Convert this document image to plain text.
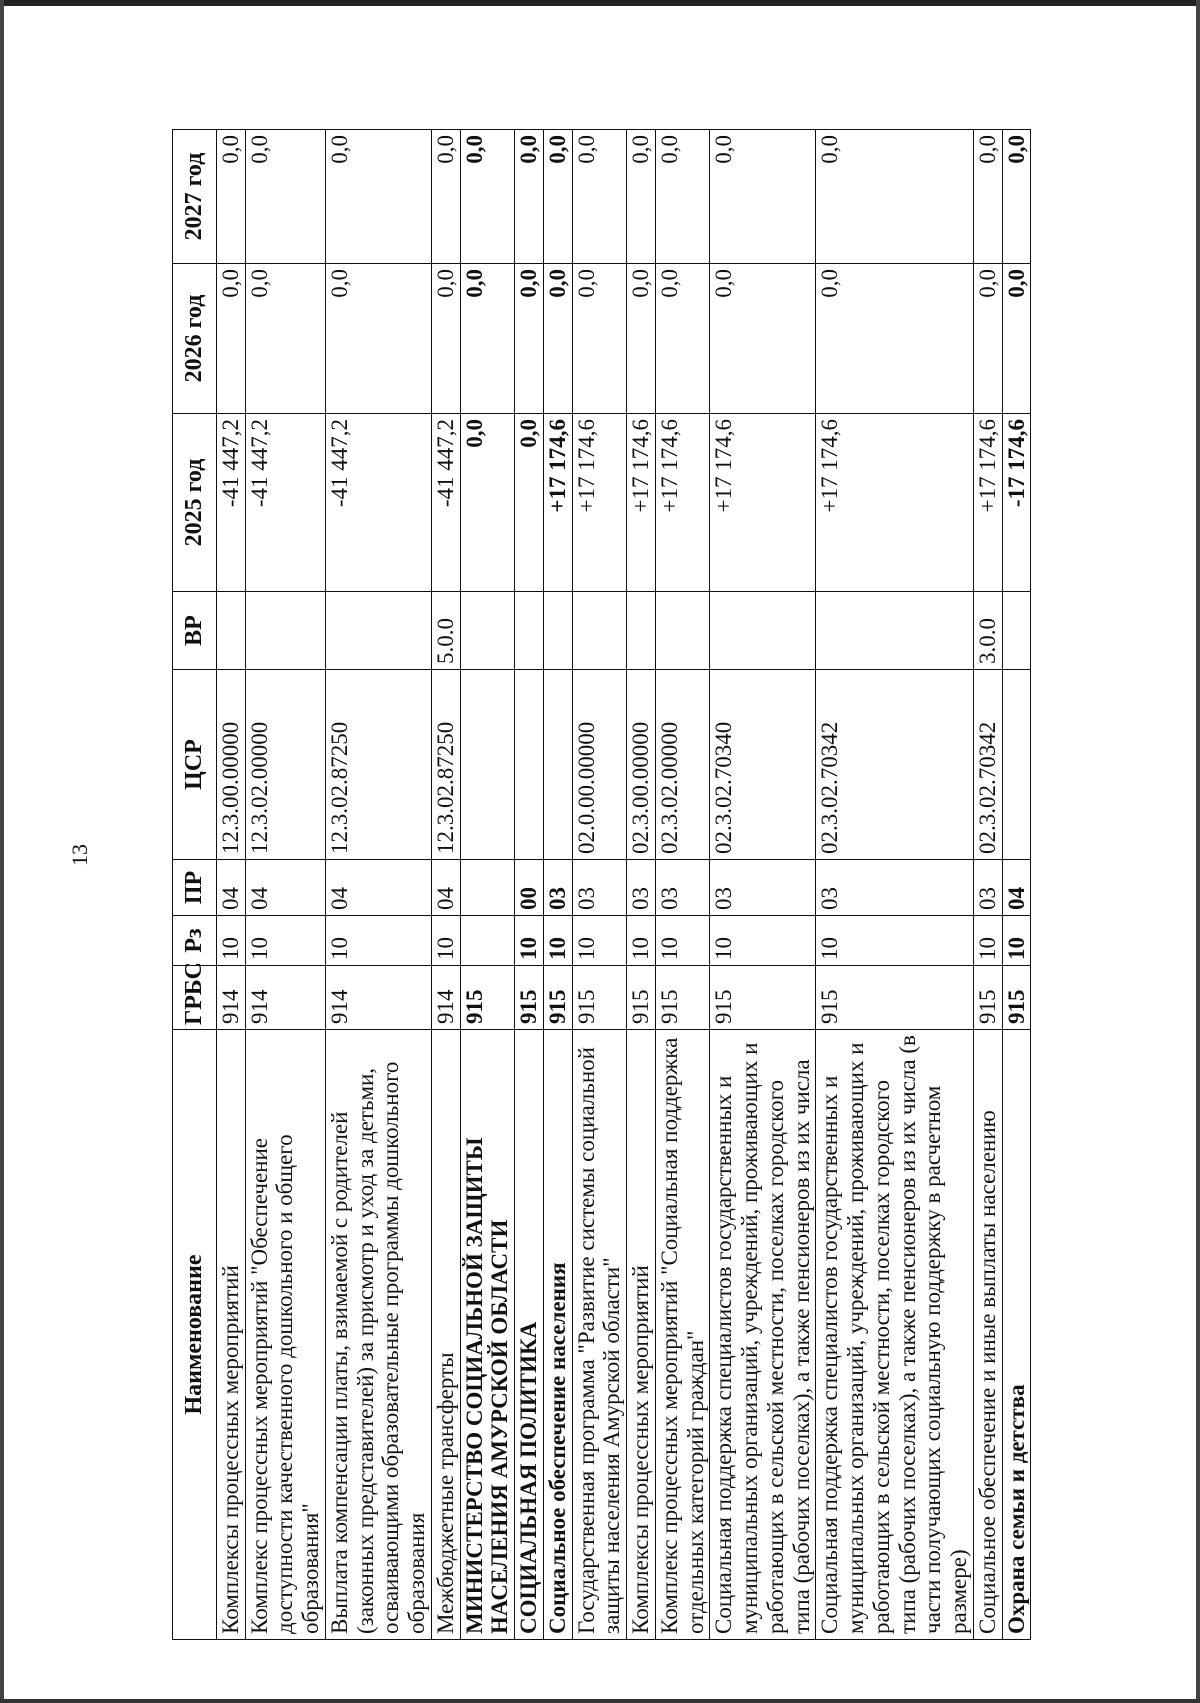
13
Наименование	ГРБС	Рз	ПР	ЦСР	ВР	2025 год	2026 год	2027 год
Комплексы процессных мероприятий	914	10	04	12.3.00.00000		-41 447,2	0,0	0,0
Комплекс процессных мероприятий "Обеспечение доступности качественного дошкольного и общего образования"	914	10	04	12.3.02.00000		-41 447,2	0,0	0,0
Выплата компенсации платы, взимаемой с родителей (законных представителей) за присмотр и уход за детьми, осваивающими образовательные программы дошкольного образования	914	10	04	12.3.02.87250		-41 447,2	0,0	0,0
Межбюджетные трансферты	914	10	04	12.3.02.87250	5.0.0	-41 447,2	0,0	0,0
МИНИСТЕРСТВО СОЦИАЛЬНОЙ ЗАЩИТЫ НАСЕЛЕНИЯ АМУРСКОЙ ОБЛАСТИ	915					0,0	0,0	0,0
СОЦИАЛЬНАЯ ПОЛИТИКА	915	10	00			0,0	0,0	0,0
Социальное обеспечение населения	915	10	03			+17 174,6	0,0	0,0
Государственная программа "Развитие системы социальной защиты населения Амурской области"	915	10	03	02.0.00.00000		+17 174,6	0,0	0,0
Комплексы процессных мероприятий	915	10	03	02.3.00.00000		+17 174,6	0,0	0,0
Комплекс процессных мероприятий "Социальная поддержка отдельных категорий граждан"	915	10	03	02.3.02.00000		+17 174,6	0,0	0,0
Социальная поддержка специалистов государственных и муниципальных организаций, учреждений, проживающих и работающих в сельской местности, поселках городского типа (рабочих поселках), а также пенсионеров из их числа	915	10	03	02.3.02.70340		+17 174,6	0,0	0,0
Социальная поддержка специалистов государственных и муниципальных организаций, учреждений, проживающих и работающих в сельской местности, поселках городского типа (рабочих поселках), а также пенсионеров из их числа (в части получающих социальную поддержку в расчетном размере)	915	10	03	02.3.02.70342		+17 174,6	0,0	0,0
Социальное обеспечение и иные выплаты населению	915	10	03	02.3.02.70342	3.0.0	+17 174,6	0,0	0,0
Охрана семьи и детства	915	10	04			-17 174,6	0,0	0,0
